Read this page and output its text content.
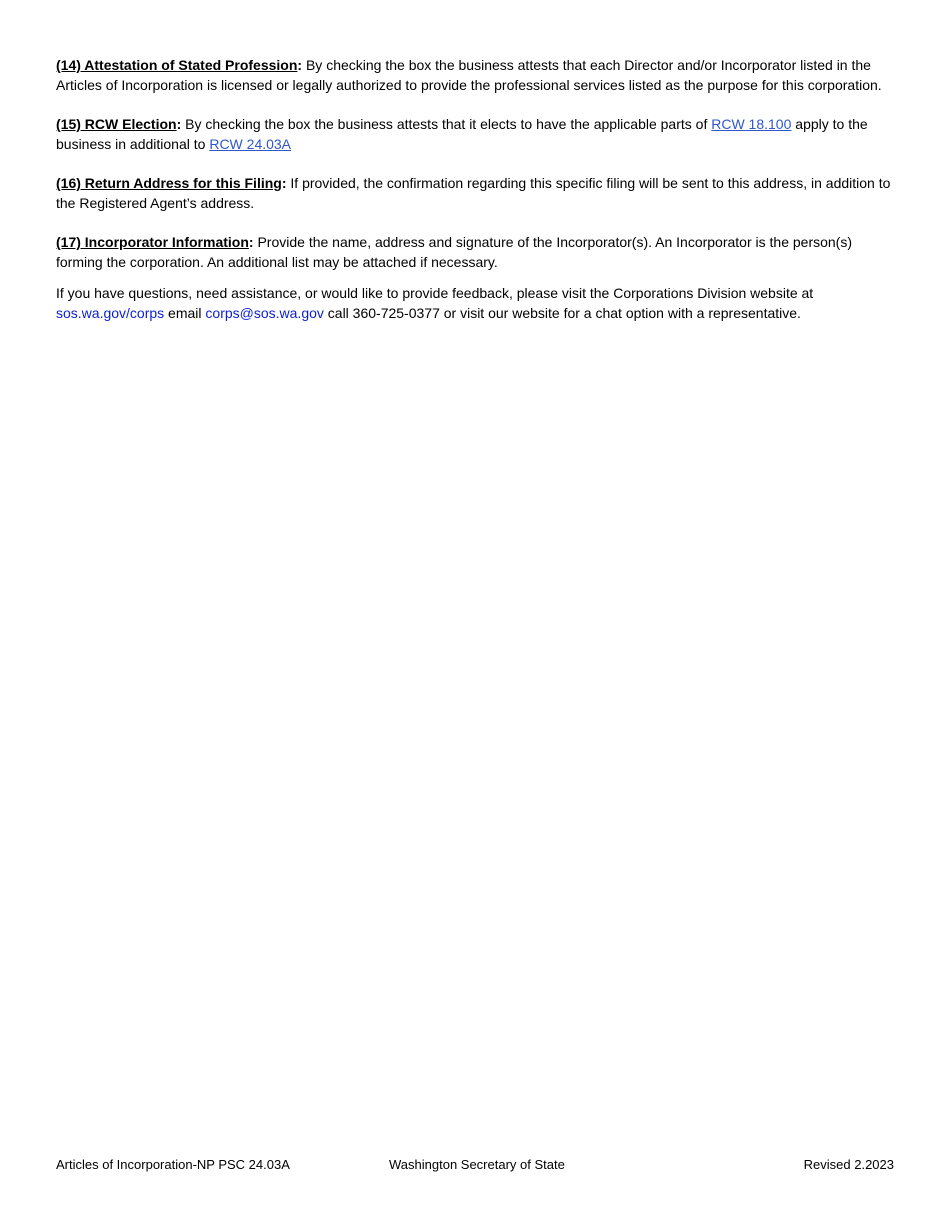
(14) Attestation of Stated Profession: By checking the box the business attests that each Director and/or Incorporator listed in the Articles of Incorporation is licensed or legally authorized to provide the professional services listed as the purpose for this corporation.

(15) RCW Election: By checking the box the business attests that it elects to have the applicable parts of RCW 18.100 apply to the business in additional to RCW 24.03A

(16) Return Address for this Filing: If provided, the confirmation regarding this specific filing will be sent to this address, in addition to the Registered Agent’s address.

(17) Incorporator Information: Provide the name, address and signature of the Incorporator(s). An Incorporator is the person(s) forming the corporation. An additional list may be attached if necessary.

If you have questions, need assistance, or would like to provide feedback, please visit the Corporations Division website at sos.wa.gov/corps email corps@sos.wa.gov call 360-725-0377 or visit our website for a chat option with a representative.

Articles of Incorporation-NP PSC 24.03A	Washington Secretary of State	Revised 2.2023
